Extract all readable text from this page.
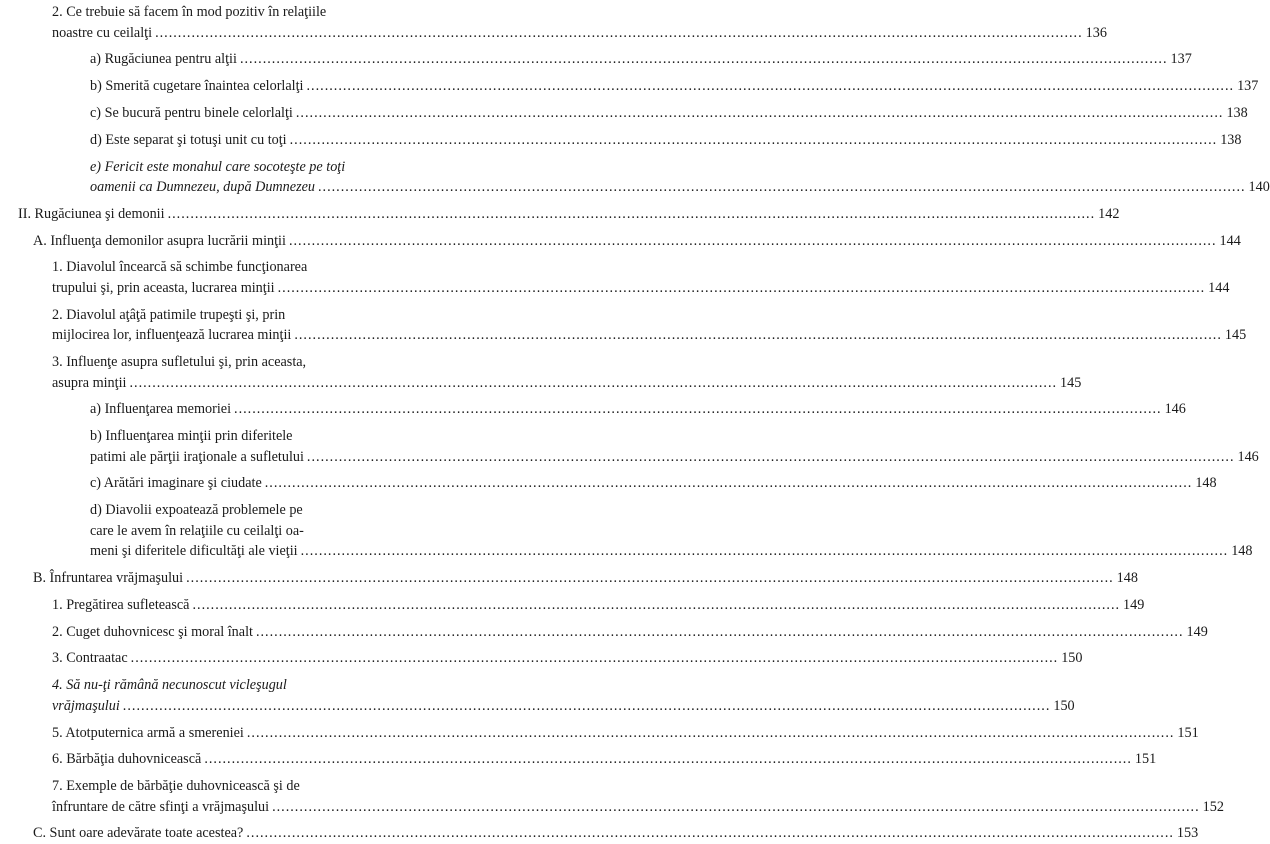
2. Ce trebuie să facem în mod pozitiv în relaţiile
noastre cu ceilalţi .....	136
a) Rugăciunea pentru alţii .....	137
b) Smerită cugetare înaintea celorlalţi .....	137
c) Se bucură pentru binele celorlalţi .....	138
d) Este separat şi totuşi unit cu toţi .....	138
e) Fericit este monahul care socoteşte pe toţi
oamenii ca Dumnezeu, după Dumnezeu .....	140
II. Rugăciunea şi demonii .....	142
A. Influenţa demonilor asupra lucrării minţii .....	144
1. Diavolul încearcă să schimbe funcţionarea
trupului şi, prin aceasta, lucrarea minţii .....	144
2. Diavolul aţâţă patimile trupeşti şi, prin
mijlocirea lor, influenţează lucrarea minţii .....	145
3. Influenţe asupra sufletului şi, prin aceasta,
asupra minţii .....	145
a) Influenţarea memoriei .....	146
b) Influenţarea minţii prin diferitele
patimi ale părţii iraţionale a sufletului .....	146
c) Arătări imaginare şi ciudate .....	148
d) Diavolii expoatează problemele pe
care le avem în relaţiile cu ceilalţi oa-
meni şi diferitele dificultăţi ale vieţii .....	148
B. Înfruntarea vrăjmaşului .....	148
1. Pregătirea sufletească .....	149
2. Cuget duhovnicesc şi moral înalt .....	149
3. Contraatac .....	150
4. Să nu-ţi rămână necunoscut vicleşugul
vrăjmaşului .....	150
5. Atotputernica armă a smereniei .....	151
6. Bărbăţia duhovnicească .....	151
7. Exemple de bărbăţie duhovnicească şi de
înfruntare de către sfinţi a vrăjmaşului .....	152
C. Sunt oare adevărate toate acestea? .....	153
